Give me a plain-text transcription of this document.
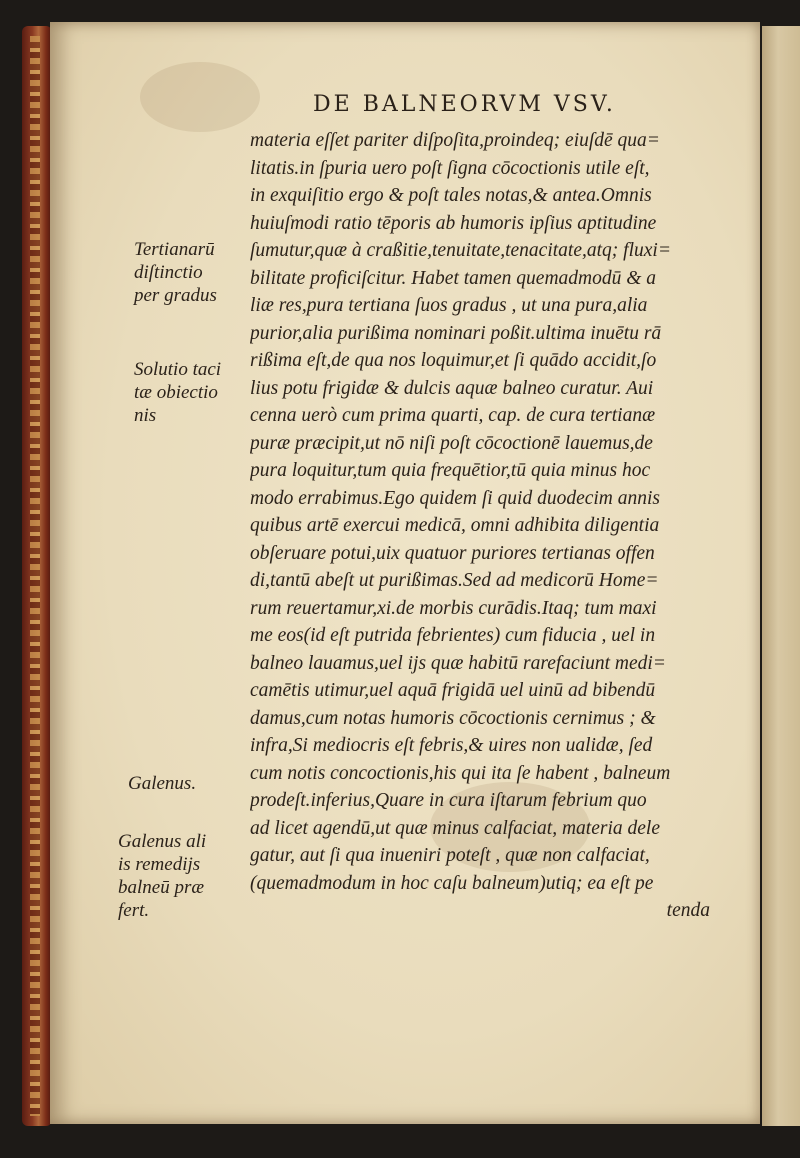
DE BALNEORVM VSV.
materia eſſet pariter diſpoſita,proindeq; eiuſdē qua=
litatis.in ſpuria uero poſt ſigna cōcoctionis utile eſt,
in exquiſitio ergo & poſt tales notas,& antea.Omnis
huiuſmodi ratio tēporis ab humoris ipſius aptitudine
ſumutur,quæ à craßitie,tenuitate,tenacitate,atq; fluxi=
bilitate proficiſcitur. Habet tamen quemadmodū & a
liæ res,pura tertiana ſuos gradus , ut una pura,alia
purior,alia purißima nominari poßit.ultima inuētu rā
rißima eſt,de qua nos loquimur,et ſi quādo accidit,ſo
lius potu frigidæ & dulcis aquæ balneo curatur. Aui
cenna uerò cum prima quarti, cap. de cura tertianæ
puræ præcipit,ut nō niſi poſt cōcoctionē lauemus,de
pura loquitur,tum quia frequētior,tū quia minus hoc
modo errabimus.Ego quidem ſi quid duodecim annis
quibus artē exercui medicā, omni adhibita diligentia
obſeruare potui,uix quatuor puriores tertianas offen
di,tantū abeſt ut purißimas.Sed ad medicorū Home=
rum reuertamur,xi.de morbis curādis.Itaq; tum maxi
me eos(id eſt putrida febrientes) cum fiducia , uel in
balneo lauamus,uel ijs quæ habitū rarefaciunt medi=
camētis utimur,uel aquā frigidā uel uinū ad bibendū
damus,cum notas humoris cōcoctionis cernimus ; &
infra,Si mediocris eſt febris,& uires non ualidæ, ſed
cum notis concoctionis,his qui ita ſe habent , balneum
prodeſt.inferius,Quare in cura iſtarum febrium quo
ad licet agendū,ut quæ minus calfaciat, materia dele
gatur, aut ſi qua inueniri poteſt , quæ non calfaciat,
(quemadmodum in hoc caſu balneum)utiq; ea eſt pe
tenda
Tertianarū
diſtinctio
per gradus
Solutio taci
tæ obiectio
nis
Galenus.
Galenus ali
is remedijs
balneū præ
fert.
